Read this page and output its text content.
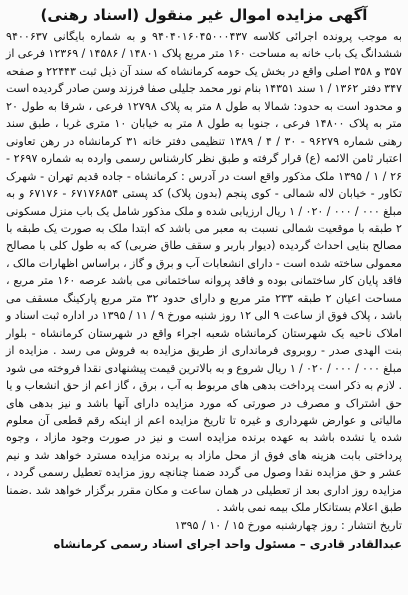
آگهی مزایده اموال غیر منقول (اسناد رهنی)

به موجب پرونده اجرائی کلاسه ۹۴۰۴۰۱۶۰۴۵۰۰۰۴۳۷ و به شماره بایگانی ۹۴۰۰۶۳۷ ششدانگ یک باب خانه به مساحت ۱۶۰ متر مربع پلاک ۱۴۸۰۱ / ۱۴۵۸۶ / ۱۲۳۶۹ فرعی از ۳۵۷ و ۳۵۸ اصلی واقع در بخش یک حومه کرمانشاه که سند آن ذیل ثبت ۲۲۴۴۳ و صفحه ۳۴۷ دفتر ۱۳۶۲ / ۱ سند ۱۴۳۵۱ بنام نور محمد جلیلی صفا فرزند وسن صادر گردیده است و محدود است به حدود: شمالا به طول ۸ متر به پلاک ۱۲۷۹۸ فرعی ، شرقا به طول ۲۰ متر به پلاک ۱۴۸۰۰ فرعی ، جنوبا به طول ۸ متر به خیابان ۱۰ متری غربا ، طبق سند رهنی شماره ۹۶۲۷۹ - ۳۰ / ۴ / ۱۳۸۹ تنظیمی دفتر خانه ۳۱ کرمانشاه در رهن تعاونی اعتبار ثامن الائمه (ع) قرار گرفته و طبق نظر کارشناس رسمی وارده به شماره ۲۶۹۷ - ۲۶ / ۱ / ۱۳۹۵ ملک مذکور واقع است در آدرس : کرمانشاه - جاده قدیم تهران - شهرک تکاور - خیابان لاله شمالی - کوی پنجم (بدون پلاک) کد پستی ۶۷۱۷۶۸۵۴ - ۶۷۱۷۶ و به مبلغ ۰۰۰ / ۰۰۰ / ۰۲۰ / ۱ ریال ارزیابی شده و ملک مذکور شامل یک باب منزل مسکونی ۲ طبقه با موقعیت شمالی نسبت به معبر می باشد که ابتدا ملک به صورت یک طبقه با مصالح بنایی احداث گردیده (دیوار باربر و سقف طاق ضربی) که به طول کلی با مصالح معمولی ساخته شده است - دارای انشعابات آب و برق و گاز ، براساس اظهارات مالک ، فاقد پایان کار ساختمانی بوده و فاقد پروانه ساختمانی می باشد عرصه ۱۶۰ متر مربع ، مساحت اعیان ۲ طبقه ۲۳۳ متر مربع و دارای حدود ۳۲ متر مربع پارکینگ مسقف می باشد ، پلاک فوق از ساعت ۹ الی ۱۲ روز شنبه مورخ ۹ / ۱۱ / ۱۳۹۵ در اداره ثبت اسناد و املاک ناحیه یک شهرستان کرمانشاه شعبه اجراء واقع در شهرستان کرمانشاه - بلوار بنت الهدی صدر - روبروی فرمانداری از طریق مزایده به فروش می رسد . مزایده از مبلغ ۰۰۰ / ۰۰۰ / ۰۲۰ / ۱ ریال شروع و به بالاترین قیمت پیشنهادی نقدا فروخته می شود . لازم به ذکر است پرداخت بدهی های مربوط به آب ، برق ، گاز اعم از حق انشعاب و یا حق اشتراک و مصرف در صورتی که مورد مزایده دارای آنها باشد و نیز بدهی های مالیاتی و عوارض شهرداری و غیره تا تاریخ مزایده اعم از اینکه رقم قطعی آن معلوم شده یا نشده باشد به عهده برنده مزایده است و نیز در صورت وجود مازاد ، وجوه پرداختی بابت هزینه های فوق از محل مازاد به برنده مزایده مسترد خواهد شد و نیم عشر و حق مزایده نقدا وصول می گردد ضمنا چنانچه روز مزایده تعطیل رسمی گردد ، مزایده روز اداری بعد از تعطیلی در همان ساعت و مکان مقرر برگزار خواهد شد .ضمنا طبق اعلام بستانکار ملک بیمه نمی باشد .

تاریخ انتشار : روز چهارشنبه مورخ ۱۵ / ۱۰ / ۱۳۹۵

عبدالقادر قادری – مسئول واحد اجرای اسناد رسمی کرمانشاه
